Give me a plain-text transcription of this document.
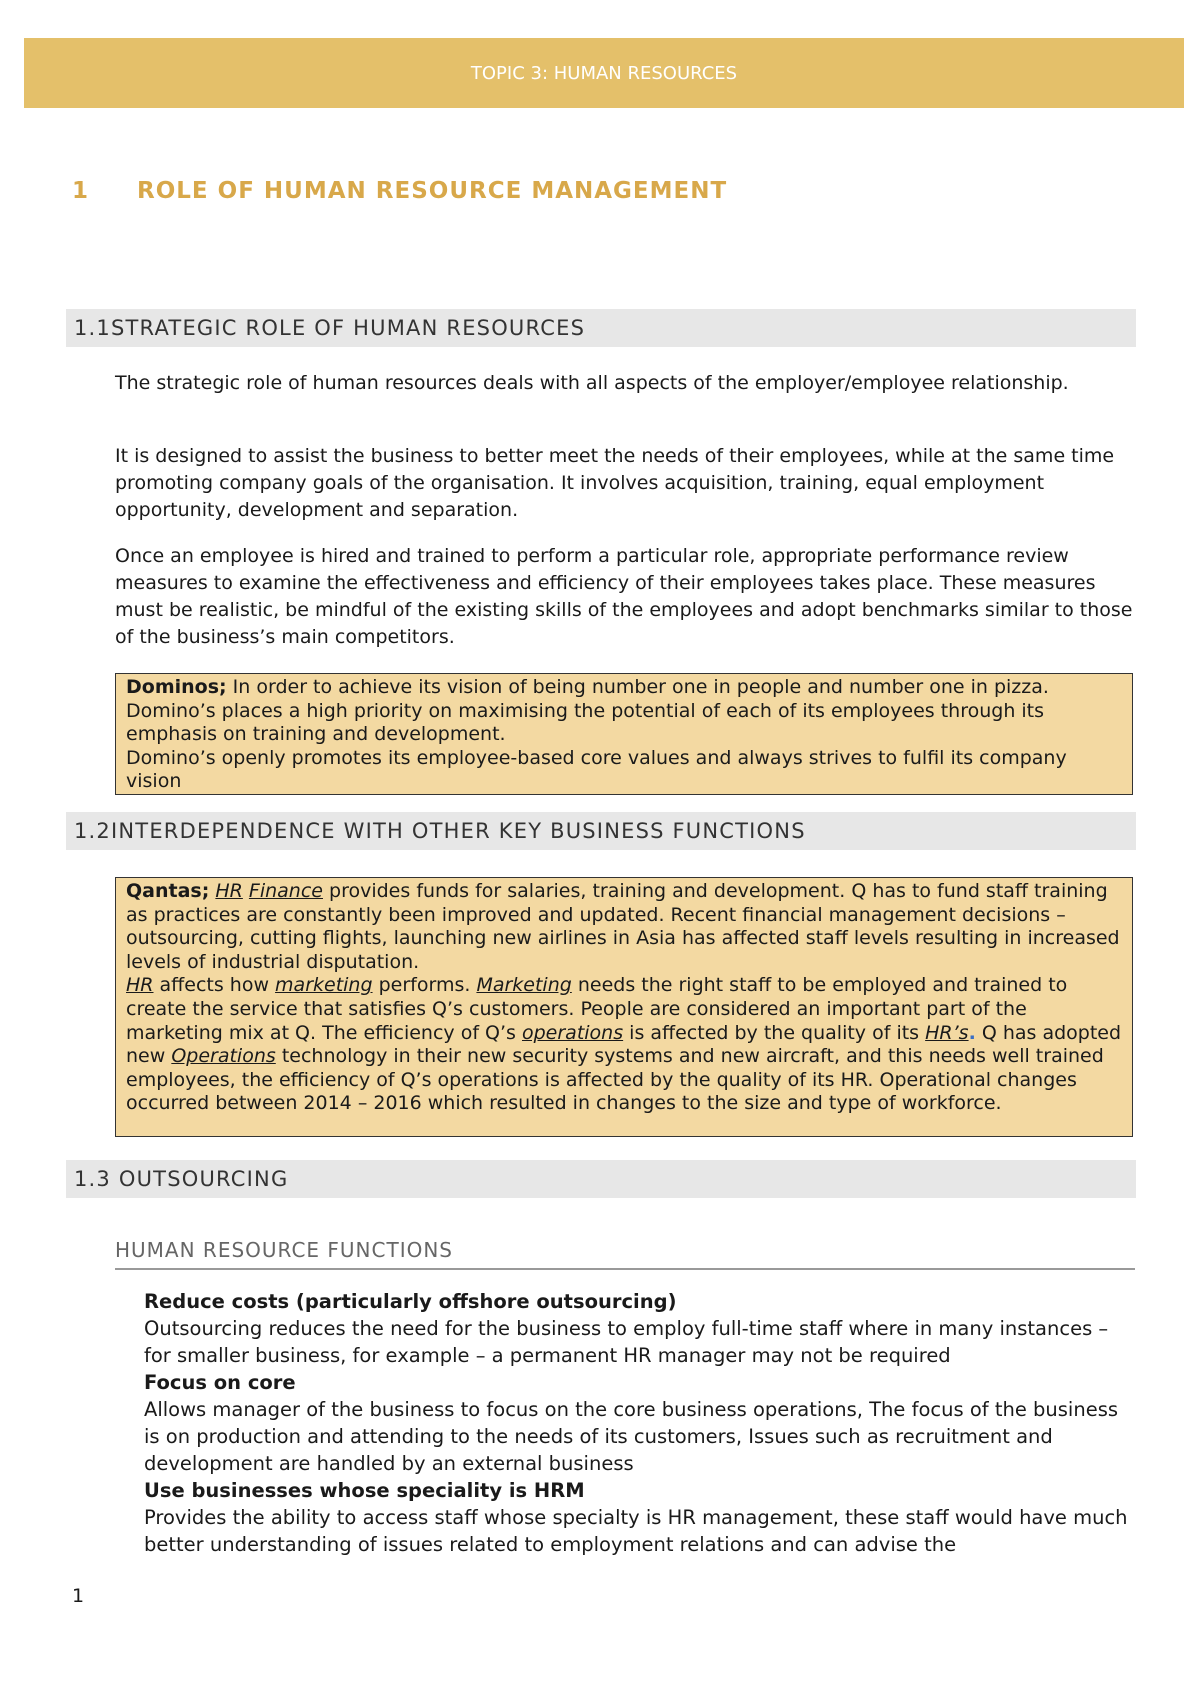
TOPIC 3: HUMAN RESOURCES
1 ROLE OF HUMAN RESOURCE MANAGEMENT
1.1STRATEGIC ROLE OF HUMAN RESOURCES

The strategic role of human resources deals with all aspects of the employer/employee relationship.

It is designed to assist the business to better meet the needs of their employees, while at the same time promoting company goals of the organisation. It involves acquisition, training, equal employment opportunity, development and separation.

Once an employee is hired and trained to perform a particular role, appropriate performance review measures to examine the effectiveness and efficiency of their employees takes place. These measures must be realistic, be mindful of the existing skills of the employees and adopt benchmarks similar to those of the business’s main competitors.

Dominos; In order to achieve its vision of being number one in people and number one in pizza. Domino’s places a high priority on maximising the potential of each of its employees through its emphasis on training and development.

Domino’s openly promotes its employee-based core values and always strives to fulfil its company vision

1.2INTERDEPENDENCE WITH OTHER KEY BUSINESS FUNCTIONS

Qantas; HR Finance provides funds for salaries, training and development. Q has to fund staff training as practices are constantly been improved and updated. Recent financial management decisions – outsourcing, cutting flights, launching new airlines in Asia has affected staff levels resulting in increased levels of industrial disputation.

HR affects how marketing performs. Marketing needs the right staff to be employed and trained to create the service that satisfies Q’s customers. People are considered an important part of the marketing mix at Q. The efficiency of Q’s operations is affected by the quality of its HR’s. Q has adopted new Operations technology in their new security systems and new aircraft, and this needs well trained employees, the efficiency of Q’s operations is affected by the quality of its HR. Operational changes occurred between 2014 – 2016 which resulted in changes to the size and type of workforce.

1.3 OUTSOURCING
HUMAN RESOURCE FUNCTIONS

Reduce costs (particularly offshore outsourcing)

Outsourcing reduces the need for the business to employ full-time staff where in many instances – for smaller business, for example – a permanent HR manager may not be required

Focus on core

Allows manager of the business to focus on the core business operations, The focus of the business is on production and attending to the needs of its customers, Issues such as recruitment and development are handled by an external business

Use businesses whose speciality is HRM

Provides the ability to access staff whose specialty is HR management, these staff would have much better understanding of issues related to employment relations and can advise the

1
